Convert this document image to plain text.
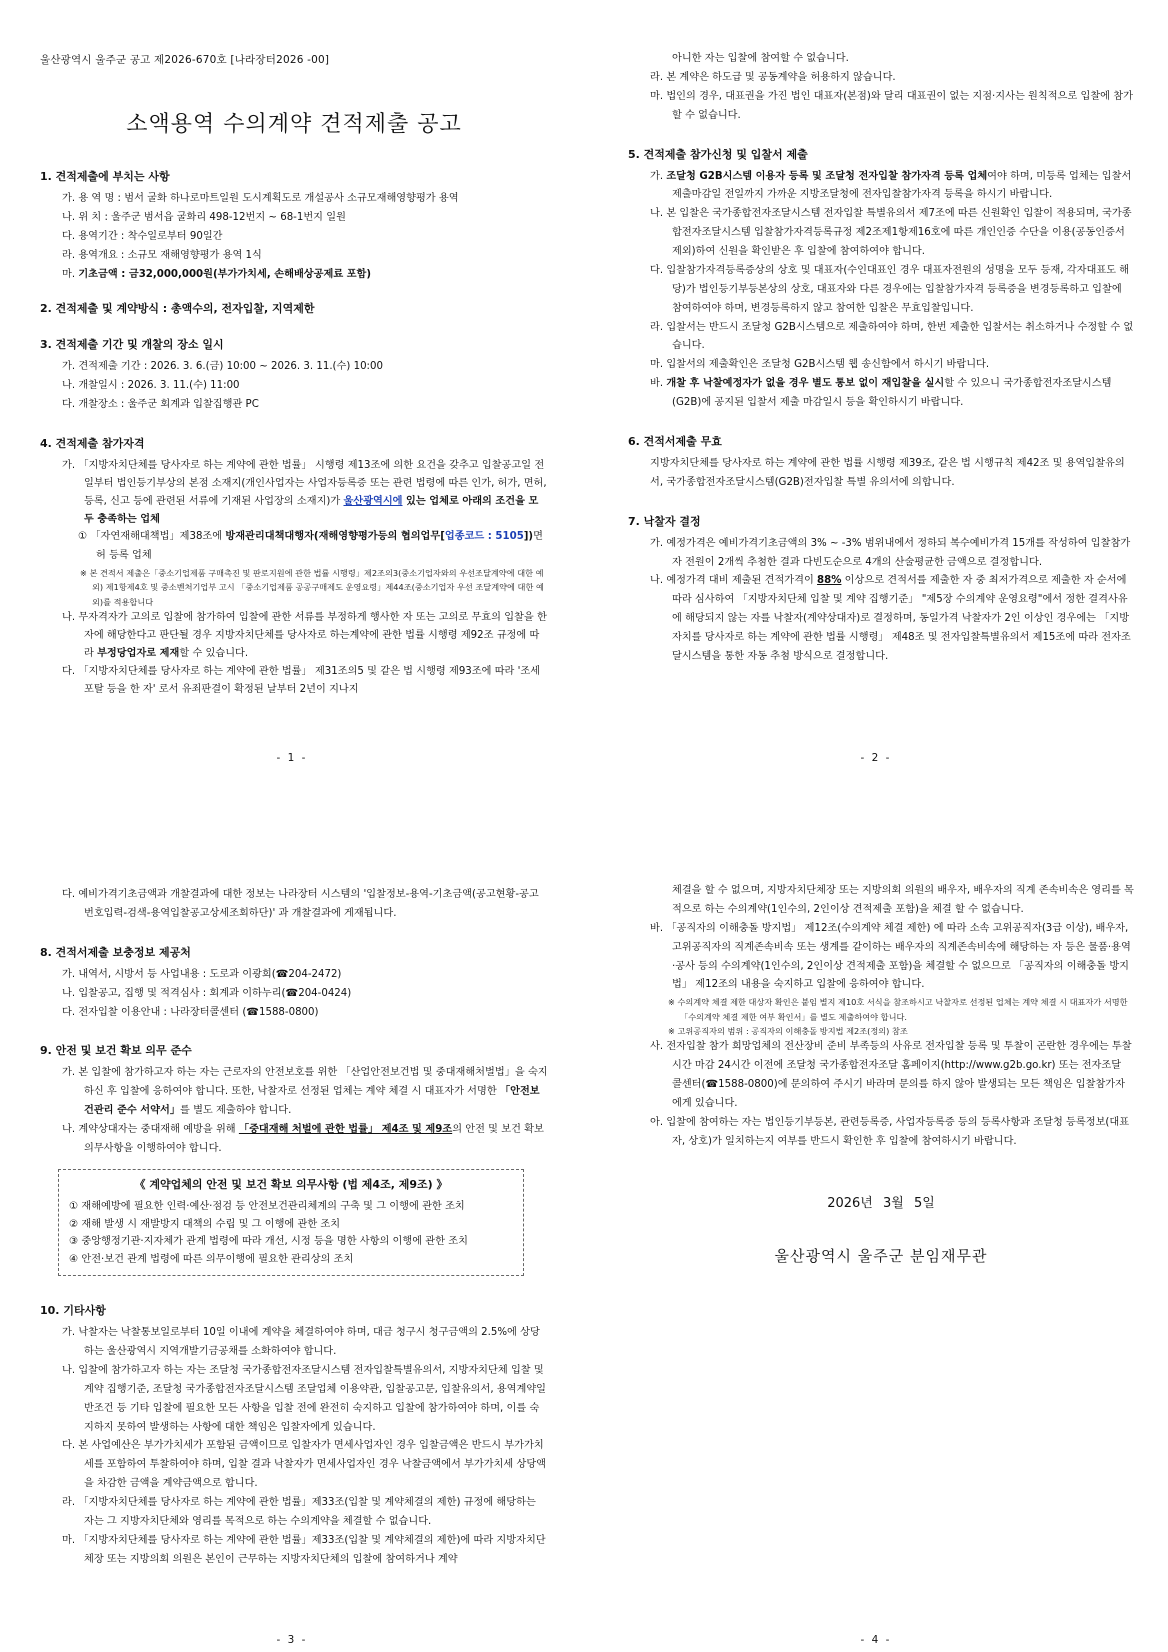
울산광역시 울주군 공고 제2026-670호 [나라장터2026 -00]
소액용역 수의계약 견적제출 공고
1. 견적제출에 부치는 사항
가. 용 역 명 : 범서 굴화 하나로마트일원 도시계획도로 개설공사 소규모재해영향평가 용역
나. 위 치 : 울주군 범서읍 굴화리 498-12번지 ~ 68-1번지 일원
다. 용역기간 : 착수일로부터 90일간
라. 용역개요 : 소규모 재해영향평가 용역 1식
마. 기초금액 : 금32,000,000원(부가가치세, 손해배상공제료 포함)
2. 견적제출 및 계약방식 : 총액수의, 전자입찰, 지역제한
3. 견적제출 기간 및 개찰의 장소 일시
가. 견적제출 기간 : 2026. 3. 6.(금) 10:00 ~ 2026. 3. 11.(수) 10:00
나. 개찰일시 : 2026. 3. 11.(수) 11:00
다. 개찰장소 : 울주군 회계과 입찰집행관 PC
4. 견적제출 참가자격
가. 「지방자치단체를 당사자로 하는 계약에 관한 법률」 시행령 제13조에 의한 요건을 갖추고 입찰공고일 전일부터 법인등기부상의 본점 소재지(개인사업자는 사업자등록증 또는 관련 법령에 따른 인가, 허가, 면허, 등록, 신고 등에 관련된 서류에 기재된 사업장의 소재지)가 울산광역시에 있는 업체로 아래의 조건을 모두 충족하는 업체
① 「자연재해대책법」제38조에 방재관리대책대행자(재해영향평가등의 협의업무[업종코드 : 5105])면허 등록 업체
※ 본 견적서 제출은「중소기업제품 구매촉진 및 판로지원에 관한 법률 시행령」제2조의3(중소기업자와의 우선조달계약에 대한 예외) 제1항제4호 및 중소벤처기업부 고시 「중소기업제품 공공구매제도 운영요령」제44조(중소기업자 우선 조달계약에 대한 예외)를 적용합니다
나. 무자격자가 고의로 입찰에 참가하여 입찰에 관한 서류를 부정하게 행사한 자 또는 고의로 무효의 입찰을 한 자에 해당한다고 판단될 경우 지방자치단체를 당사자로 하는계약에 관한 법률 시행령 제92조 규정에 따라 부정당업자로 제재할 수 있습니다.
다. 「지방자치단체를 당사자로 하는 계약에 관한 법률」 제31조의5 및 같은 법 시행령 제93조에 따라 '조세포탈 등을 한 자' 로서 유죄판결이 확정된 날부터 2년이 지나지
- 1 -
아니한 자는 입찰에 참여할 수 없습니다.
라. 본 계약은 하도급 및 공동계약을 허용하지 않습니다.
마. 법인의 경우, 대표권을 가진 법인 대표자(본점)와 달리 대표권이 없는 지점·지사는 원칙적으로 입찰에 참가할 수 없습니다.
5. 견적제출 참가신청 및 입찰서 제출
가. 조달청 G2B시스템 이용자 등록 및 조달청 전자입찰 참가자격 등록 업체여야 하며, 미등록 업체는 입찰서 제출마감일 전일까지 가까운 지방조달청에 전자입찰참가자격 등록을 하시기 바랍니다.
나. 본 입찰은 국가종합전자조달시스템 전자입찰 특별유의서 제7조에 따른 신원확인 입찰이 적용되며, 국가종합전자조달시스템 입찰참가자격등록규정 제2조제1항제16호에 따른 개인인증 수단을 이용(공동인증서 제외)하여 신원을 확인받은 후 입찰에 참여하여야 합니다.
다. 입찰참가자격등록증상의 상호 및 대표자(수인대표인 경우 대표자전원의 성명을 모두 등재, 각자대표도 해당)가 법인등기부등본상의 상호, 대표자와 다른 경우에는 입찰참가자격 등록증을 변경등록하고 입찰에 참여하여야 하며, 변경등록하지 않고 참여한 입찰은 무효입찰입니다.
라. 입찰서는 반드시 조달청 G2B시스템으로 제출하여야 하며, 한번 제출한 입찰서는 취소하거나 수정할 수 없습니다.
마. 입찰서의 제출확인은 조달청 G2B시스템 웹 송신함에서 하시기 바랍니다.
바. 개찰 후 낙찰예정자가 없을 경우 별도 통보 없이 재입찰을 실시할 수 있으니 국가종합전자조달시스템(G2B)에 공지된 입찰서 제출 마감일시 등을 확인하시기 바랍니다.
6. 견적서제출 무효
지방자치단체를 당사자로 하는 계약에 관한 법률 시행령 제39조, 같은 법 시행규칙 제42조 및 용역입찰유의서, 국가종합전자조달시스템(G2B)전자입찰 특별 유의서에 의합니다.
7. 낙찰자 결정
가. 예정가격은 예비가격기초금액의 3% ~ -3% 범위내에서 정하되 복수예비가격 15개를 작성하여 입찰참가자 전원이 2개씩 추첨한 결과 다빈도순으로 4개의 산술평균한 금액으로 결정합니다.
나. 예정가격 대비 제출된 견적가격이 88% 이상으로 견적서를 제출한 자 중 최저가격으로 제출한 자 순서에 따라 심사하여 「지방자치단체 입찰 및 계약 집행기준」 "제5장 수의계약 운영요령"에서 정한 결격사유에 해당되지 않는 자를 낙찰자(계약상대자)로 결정하며, 동일가격 낙찰자가 2인 이상인 경우에는 「지방자치를 당사자로 하는 계약에 관한 법률 시행령」 제48조 및 전자입찰특별유의서 제15조에 따라 전자조달시스템을 통한 자동 추첨 방식으로 결정합니다.
- 2 -
다. 예비가격기초금액과 개찰결과에 대한 정보는 나라장터 시스템의 '입찰정보-용역-기초금액(공고현황-공고번호입력-검색-용역입찰공고상세조회하단)' 과 개찰결과에 게재됩니다.
8. 견적서제출 보충정보 제공처
가. 내역서, 시방서 등 사업내용 : 도로과 이광희(☎204-2472)
나. 입찰공고, 집행 및 적격심사 : 회계과 이하누리(☎204-0424)
다. 전자입찰 이용안내 : 나라장터콜센터 (☎1588-0800)
9. 안전 및 보건 확보 의무 준수
가. 본 입찰에 참가하고자 하는 자는 근로자의 안전보호를 위한 「산업안전보건법 및 중대재해처벌법」을 숙지하신 후 입찰에 응하여야 합니다. 또한, 낙찰자로 선정된 업체는 계약 체결 시 대표자가 서명한 「안전보건관리 준수 서약서」를 별도 제출하야 합니다.
나. 계약상대자는 중대재해 예방을 위해 「중대재해 처벌에 관한 법률」 제4조 및 제9조의 안전 및 보건 확보 의무사항을 이행하여야 합니다.
《 계약업체의 안전 및 보건 확보 의무사항 (법 제4조, 제9조) 》
① 재해예방에 필요한 인력·예산·점검 등 안전보건관리체계의 구축 및 그 이행에 관한 조치
② 재해 발생 시 재발방지 대책의 수립 및 그 이행에 관한 조치
③ 중앙행정기관·지자체가 관계 법령에 따라 개선, 시정 등을 명한 사항의 이행에 관한 조치
④ 안전·보건 관계 법령에 따른 의무이행에 필요한 관리상의 조치
10. 기타사항
가. 낙찰자는 낙찰통보일로부터 10일 이내에 계약을 체결하여야 하며, 대금 청구시 청구금액의 2.5%에 상당하는 울산광역시 지역개발기금공채를 소화하여야 합니다.
나. 입찰에 참가하고자 하는 자는 조달청 국가종합전자조달시스템 전자입찰특별유의서, 지방자치단체 입찰 및 계약 집행기준, 조달청 국가종합전자조달시스템 조달업체 이용약관, 입찰공고문, 입찰유의서, 용역계약일반조건 등 기타 입찰에 필요한 모든 사항을 입찰 전에 완전히 숙지하고 입찰에 참가하여야 하며, 이를 숙지하지 못하여 발생하는 사항에 대한 책임은 입찰자에게 있습니다.
다. 본 사업예산은 부가가치세가 포함된 금액이므로 입찰자가 면세사업자인 경우 입찰금액은 반드시 부가가치세를 포함하여 투찰하여야 하며, 입찰 결과 낙찰자가 면세사업자인 경우 낙찰금액에서 부가가치세 상당액을 차감한 금액을 계약금액으로 합니다.
라. 「지방자치단체를 당사자로 하는 계약에 관한 법률」제33조(입찰 및 계약체결의 제한) 규정에 해당하는 자는 그 지방자치단체와 영리를 목적으로 하는 수의계약을 체결할 수 없습니다.
마. 「지방자치단체를 당사자로 하는 계약에 관한 법률」제33조(입찰 및 계약체결의 제한)에 따라 지방자치단체장 또는 지방의회 의원은 본인이 근무하는 지방자치단체의 입찰에 참여하거나 계약
- 3 -
체결을 할 수 없으며, 지방자치단체장 또는 지방의회 의원의 배우자, 배우자의 직계 존속비속은 영리를 목적으로 하는 수의계약(1인수의, 2인이상 견적제출 포함)을 체결 할 수 없습니다.
바. 「공직자의 이해충돌 방지법」 제12조(수의계약 체결 제한) 에 따라 소속 고위공직자(3급 이상), 배우자, 고위공직자의 직계존속비속 또는 생계를 같이하는 배우자의 직계존속비속에 해당하는 자 등은 물품·용역·공사 등의 수의계약(1인수의, 2인이상 견적제출 포함)을 체결할 수 없으므로 「공직자의 이해충돌 방지법」 제12조의 내용을 숙지하고 입찰에 응하여야 합니다.
※ 수의계약 체결 제한 대상자 확인은 붙임 별지 제10호 서식을 참조하시고 낙찰자로 선정된 업체는 계약 체결 시 대표자가 서명한「수의계약 체결 제한 여부 확인서」를 별도 제출하여야 합니다.
※ 고위공직자의 범위 : 공직자의 이해충돌 방지법 제2조(정의) 참조
사. 전자입찰 참가 희망업체의 전산장비 준비 부족등의 사유로 전자입찰 등록 및 투찰이 곤란한 경우에는 투찰시간 마감 24시간 이전에 조달청 국가종합전자조달 홈페이지(http://www.g2b.go.kr) 또는 전자조달 콜센터(☎1588-0800)에 문의하여 주시기 바라며 문의를 하지 않아 발생되는 모든 책임은 입찰참가자에게 있습니다.
아. 입찰에 참여하는 자는 법인등기부등본, 관련등록증, 사업자등록증 등의 등록사항과 조달청 등록정보(대표자, 상호)가 일치하는지 여부를 반드시 확인한 후 입찰에 참여하시기 바랍니다.
2026년 3월 5일
울산광역시 울주군 분임재무관
- 4 -
